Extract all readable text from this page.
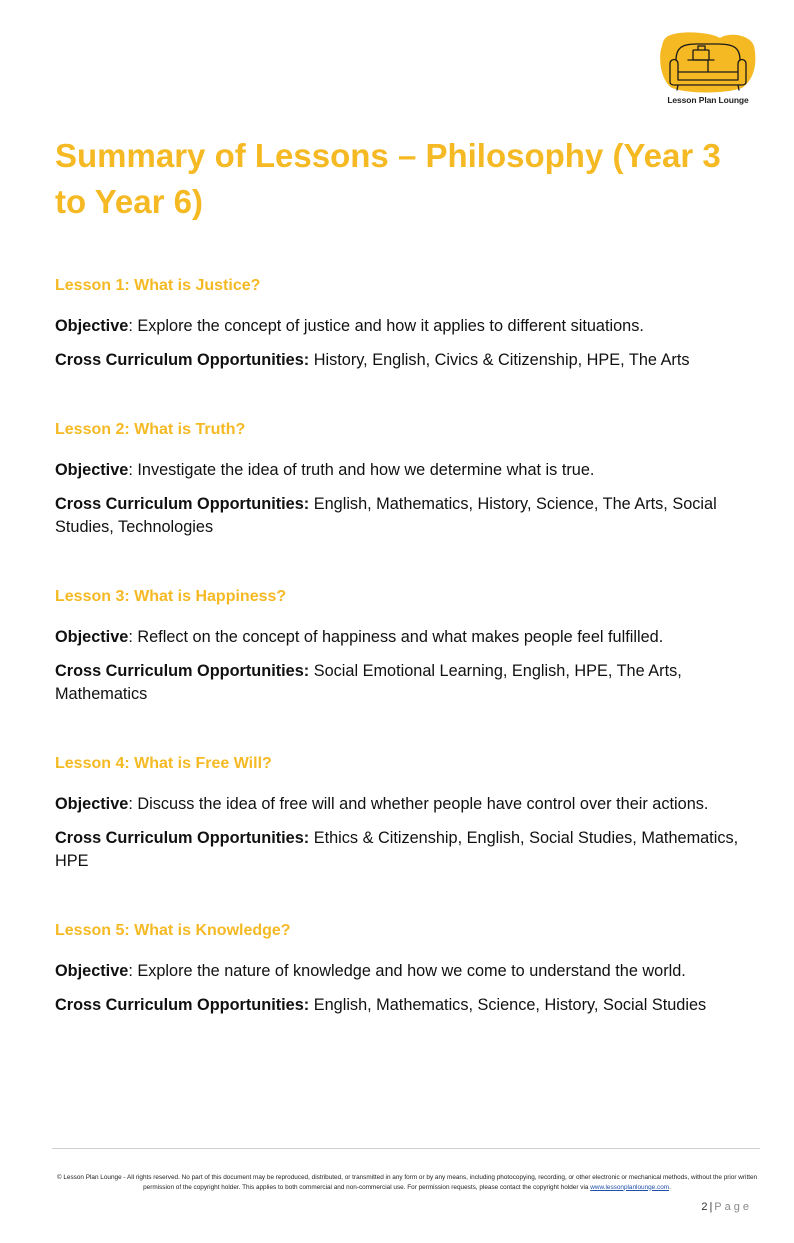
Lesson Plan Lounge
Summary of Lessons – Philosophy (Year 3 to Year 6)

Lesson 1: What is Justice?

Objective: Explore the concept of justice and how it applies to different situations.

Cross Curriculum Opportunities: History, English, Civics & Citizenship, HPE, The Arts

Lesson 2: What is Truth?

Objective: Investigate the idea of truth and how we determine what is true.

Cross Curriculum Opportunities: English, Mathematics, History, Science, The Arts, Social Studies, Technologies

Lesson 3: What is Happiness?

Objective: Reflect on the concept of happiness and what makes people feel fulfilled.

Cross Curriculum Opportunities: Social Emotional Learning, English, HPE, The Arts, Mathematics

Lesson 4: What is Free Will?

Objective: Discuss the idea of free will and whether people have control over their actions.

Cross Curriculum Opportunities: Ethics & Citizenship, English, Social Studies, Mathematics, HPE

Lesson 5: What is Knowledge?

Objective: Explore the nature of knowledge and how we come to understand the world.

Cross Curriculum Opportunities: English, Mathematics, Science, History, Social Studies

© Lesson Plan Lounge - All rights reserved. No part of this document may be reproduced, distributed, or transmitted in any form or by any means, including photocopying, recording, or other electronic or mechanical methods, without the prior written permission of the copyright holder. This applies to both commercial and non-commercial use. For permission requests, please contact the copyright holder via www.lessonplanlounge.com.
2 | Page
